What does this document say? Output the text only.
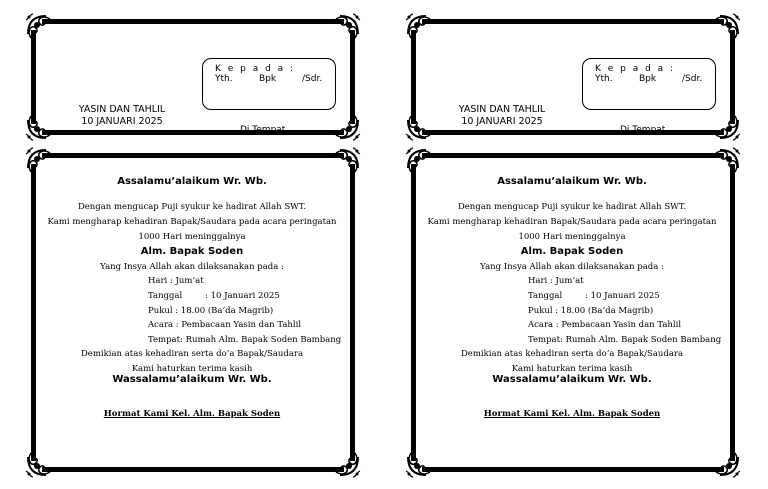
K e p a d a :
Yth.	Bpk	/Sdr.
YASIN DAN TAHLIL
10 JANUARI 2025
Di Tempat
Assalamu’alaikum Wr. Wb.
Dengan mengucap Puji syukur ke hadirat Allah SWT.
Kami mengharap kehadiran Bapak/Saudara pada acara peringatan
1000 Hari meninggalnya
Alm. Bapak Soden
Yang Insya Allah akan dilaksanakan pada :
Hari : Jum’at
Tanggal	: 10 Januari 2025
Pukul : 18.00 (Ba’da Magrib)
Acara : Pembacaan Yasin dan Tahlil
Tempat: Rumah Alm. Bapak Soden Bambang
Demikian atas kehadiran serta do’a Bapak/Saudara
Kami haturkan terima kasih
Wassalamu’alaikum Wr. Wb.
Hormat Kami Kel. Alm. Bapak Soden
K e p a d a :
Yth.	Bpk	/Sdr.
YASIN DAN TAHLIL
10 JANUARI 2025
Di Tempat
Assalamu’alaikum Wr. Wb.
Dengan mengucap Puji syukur ke hadirat Allah SWT.
Kami mengharap kehadiran Bapak/Saudara pada acara peringatan
1000 Hari meninggalnya
Alm. Bapak Soden
Yang Insya Allah akan dilaksanakan pada :
Hari : Jum’at
Tanggal	: 10 Januari 2025
Pukul : 18.00 (Ba’da Magrib)
Acara : Pembacaan Yasin dan Tahlil
Tempat: Rumah Alm. Bapak Soden Bambang
Demikian atas kehadiran serta do’a Bapak/Saudara
Kami haturkan terima kasih
Wassalamu’alaikum Wr. Wb.
Hormat Kami Kel. Alm. Bapak Soden
